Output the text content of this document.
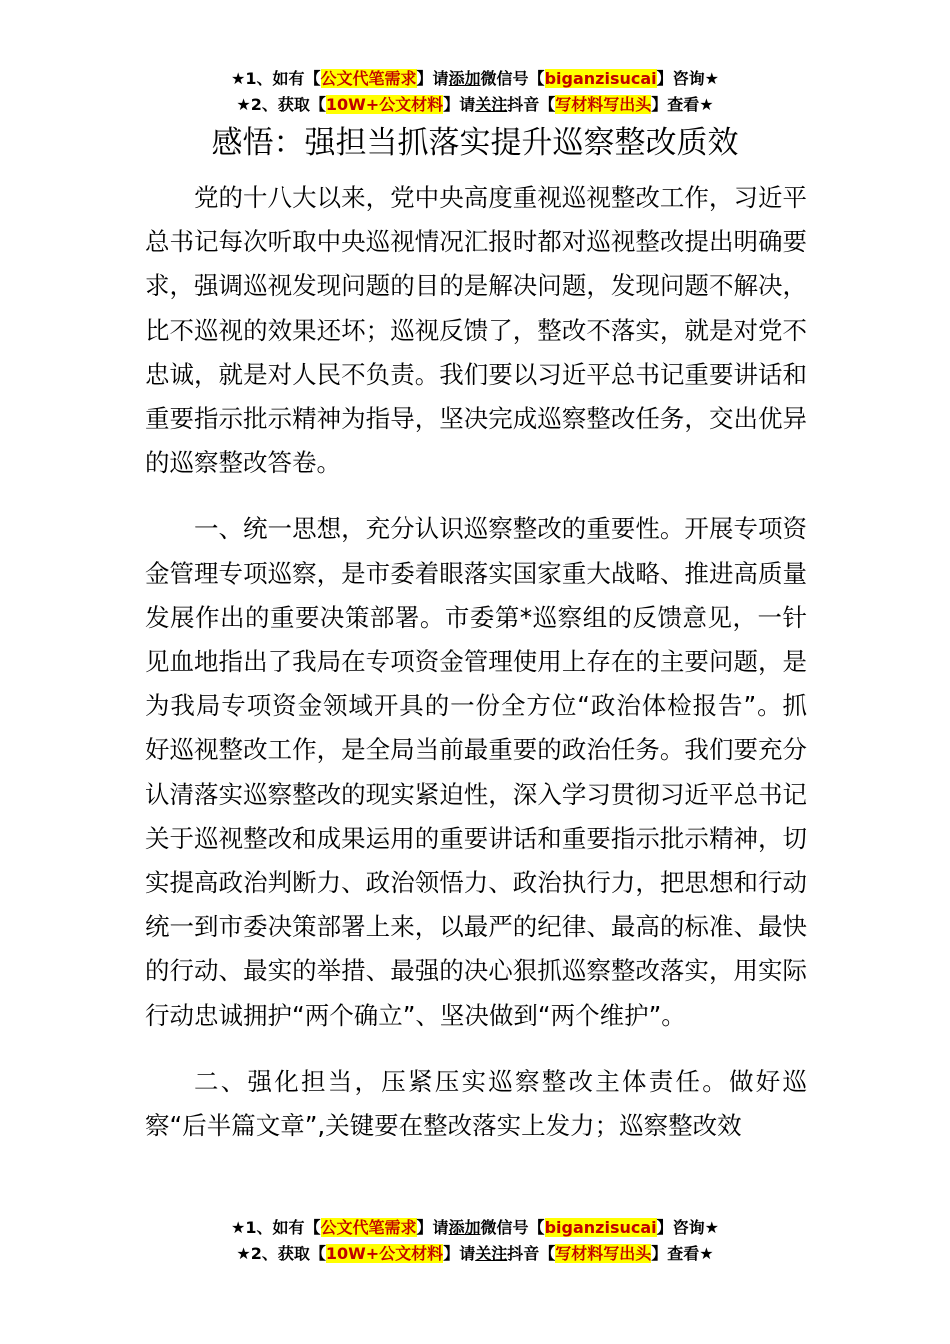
★1、如有【公文代笔需求】请添加微信号【biganzisucai】咨询★
★2、获取【10W+公文材料】请关注抖音【写材料写出头】查看★
感悟：强担当抓落实提升巡察整改质效

党的十八大以来，党中央高度重视巡视整改工作，习近平总书记每次听取中央巡视情况汇报时都对巡视整改提出明确要求，强调巡视发现问题的目的是解决问题，发现问题不解决，比不巡视的效果还坏；巡视反馈了，整改不落实，就是对党不忠诚，就是对人民不负责。我们要以习近平总书记重要讲话和重要指示批示精神为指导，坚决完成巡察整改任务，交出优异的巡察整改答卷。

一、统一思想，充分认识巡察整改的重要性。开展专项资金管理专项巡察，是市委着眼落实国家重大战略、推进高质量发展作出的重要决策部署。市委第*巡察组的反馈意见，一针见血地指出了我局在专项资金管理使用上存在的主要问题，是为我局专项资金领域开具的一份全方位“政治体检报告”。抓好巡视整改工作，是全局当前最重要的政治任务。我们要充分认清落实巡察整改的现实紧迫性，深入学习贯彻习近平总书记关于巡视整改和成果运用的重要讲话和重要指示批示精神，切实提高政治判断力、政治领悟力、政治执行力，把思想和行动统一到市委决策部署上来，以最严的纪律、最高的标准、最快的行动、最实的举措、最强的决心狠抓巡察整改落实，用实际行动忠诚拥护“两个确立”、坚决做到“两个维护”。

二、强化担当，压紧压实巡察整改主体责任。做好巡察“后半篇文章”,关键要在整改落实上发力；巡察整改效

★1、如有【公文代笔需求】请添加微信号【biganzisucai】咨询★
★2、获取【10W+公文材料】请关注抖音【写材料写出头】查看★
